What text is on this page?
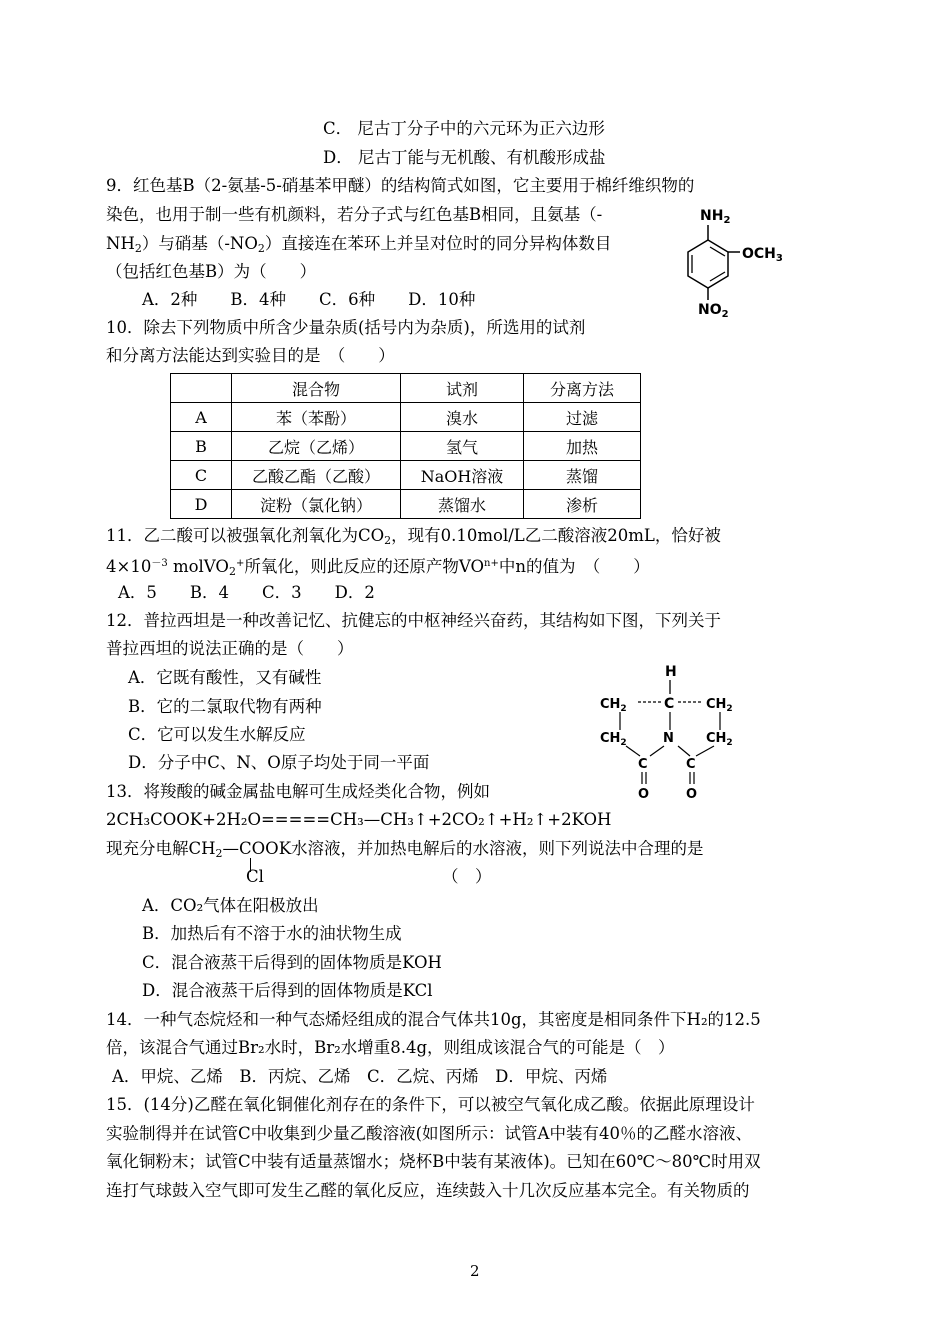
C． 尼古丁分子中的六元环为正六边形
D． 尼古丁能与无机酸、有机酸形成盐
9．红色基B（2-氨基-5-硝基苯甲醚）的结构简式如图，它主要用于棉纤维织物的
染色，也用于制一些有机颜料，若分子式与红色基B相同，且氨基（-
$NH_2$）与硝基$(-NO_2)$直接连在苯环上并呈对位时的同分异构体数目
（包括红色基B）为（　　）
A．2种　　B．4种　　C．6种　　D．10种
$NH_2$
$OCH_3$
$NO_2$
10．除去下列物质中所含少量杂质(括号内为杂质)，所选用的试剂
和分离方法能达到实验目的是　（　　）
	混合物	试剂	分离方法
A	苯（苯酚）	溴水	过滤
B	乙烷（乙烯）	氢气	加热
C	乙酸乙酯（乙酸）	NaOH溶液	蒸馏
D	淀粉（氯化钠）	蒸馏水	渗析
11．乙二酸可以被强氧化剂氧化为$CO_2$，现有0.10mol/L乙二酸溶液20mL，恰好被
$4\times 10^{-3}$ molVO$_2$+所氧化，则此反应的还原产物$VO^{n+}$中n的值为　（　　）
A．5　　B．4　　C．3　　D．2
12．普拉西坦是一种改善记忆、抗健忘的中枢神经兴奋药，其结构如下图，下列关于
普拉西坦的说法正确的是（　　）
A．它既有酸性，又有碱性
B．它的二氯取代物有两种
C．它可以发生水解反应
D．分子中C、N、O原子均处于同一平面
H
C
$CH_2$	$CH_2$
$CH_2$	$CH_2$
N
C	C
O	O
13．将羧酸的碱金属盐电解可生成烃类化合物，例如
2CH₃COOK+2H₂O=====CH₃—CH₃↑+2CO₂↑+H₂↑+2KOH
现充分电解$CH_2—COOK$水溶液，并加热电解后的水溶液，则下列说法中合理的是
Cl	（　）
A．CO₂气体在阳极放出
B．加热后有不溶于水的油状物生成
C．混合液蒸干后得到的固体物质是KOH
D．混合液蒸干后得到的固体物质是KCl
14．一种气态烷烃和一种气态烯烃组成的混合气体共10g，其密度是相同条件下H₂的12.5
倍，该混合气通过Br₂水时，Br₂水增重8.4g，则组成该混合气的可能是（　）
A．甲烷、乙烯　B．丙烷、乙烯　C．乙烷、丙烯　D．甲烷、丙烯
15．(14分)乙醛在氧化铜催化剂存在的条件下，可以被空气氧化成乙酸。依据此原理设计
实验制得并在试管C中收集到少量乙酸溶液(如图所示：试管A中装有40％的乙醛水溶液、
氧化铜粉末；试管C中装有适量蒸馏水；烧杯B中装有某液体)。已知在60℃～80℃时用双
连打气球鼓入空气即可发生乙醛的氧化反应，连续鼓入十几次反应基本完全。有关物质的
2
